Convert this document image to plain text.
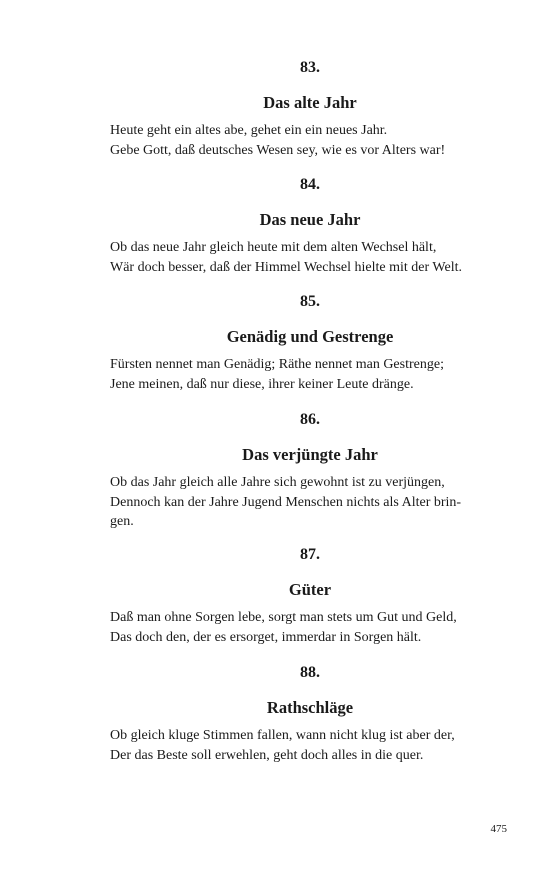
83.

Das alte Jahr

Heute geht ein altes abe, gehet ein ein neues Jahr.
Gebe Gott, daß deutsches Wesen sey, wie es vor Alters war!

84.

Das neue Jahr

Ob das neue Jahr gleich heute mit dem alten Wechsel hält,
Wär doch besser, daß der Himmel Wechsel hielte mit der Welt.

85.

Genädig und Gestrenge

Fürsten nennet man Genädig; Räthe nennet man Gestrenge;
Jene meinen, daß nur diese, ihrer keiner Leute dränge.

86.

Das verjüngte Jahr

Ob das Jahr gleich alle Jahre sich gewohnt ist zu verjüngen,
Dennoch kan der Jahre Jugend Menschen nichts als Alter brin-
gen.

87.

Güter

Daß man ohne Sorgen lebe, sorgt man stets um Gut und Geld,
Das doch den, der es ersorget, immerdar in Sorgen hält.

88.

Rathschläge

Ob gleich kluge Stimmen fallen, wann nicht klug ist aber der,
Der das Beste soll erwehlen, geht doch alles in die quer.

475
